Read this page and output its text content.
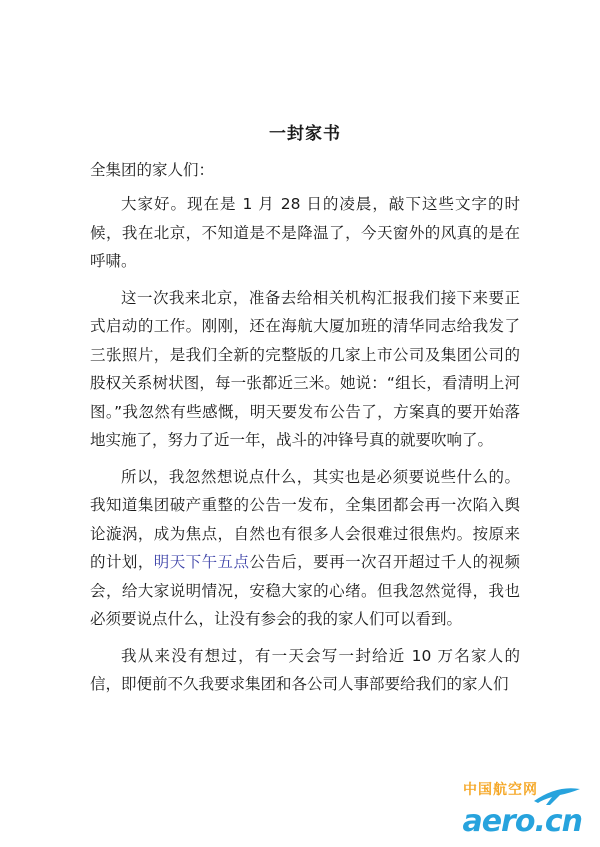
一封家书
全集团的家人们：

大家好。现在是 1 月 28 日的凌晨，敲下这些文字的时候，我在北京，不知道是不是降温了，今天窗外的风真的是在呼啸。

这一次我来北京，准备去给相关机构汇报我们接下来要正式启动的工作。刚刚，还在海航大厦加班的清华同志给我发了三张照片，是我们全新的完整版的几家上市公司及集团公司的股权关系树状图，每一张都近三米。她说：“组长，看清明上河图。”我忽然有些感慨，明天要发布公告了，方案真的要开始落地实施了，努力了近一年，战斗的冲锋号真的就要吹响了。

所以，我忽然想说点什么，其实也是必须要说些什么的。我知道集团破产重整的公告一发布，全集团都会再一次陷入舆论漩涡，成为焦点，自然也有很多人会很难过很焦灼。按原来的计划，明天下午五点公告后，要再一次召开超过千人的视频会，给大家说明情况，安稳大家的心绪。但我忽然觉得，我也必须要说点什么，让没有参会的我的家人们可以看到。

我从来没有想过，有一天会写一封给近 10 万名家人的信，即便前不久我要求集团和各公司人事部要给我们的家人们

中国航空网
aero.cn
